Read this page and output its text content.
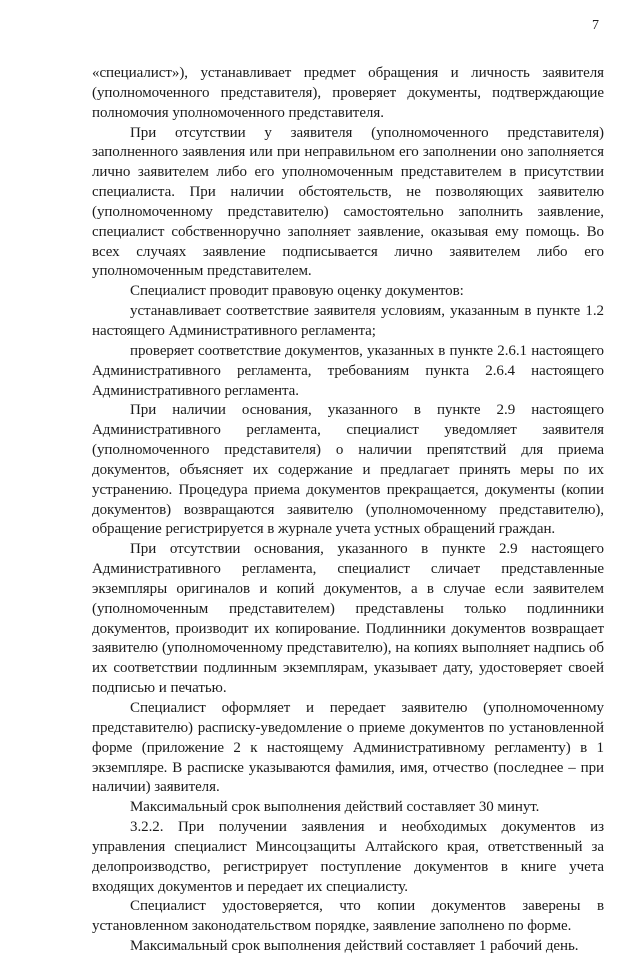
7

«специалист»), устанавливает предмет обращения и личность заявителя (уполномоченного представителя), проверяет документы, подтверждающие полномочия уполномоченного представителя.

При отсутствии у заявителя (уполномоченного представителя) заполненного заявления или при неправильном его заполнении оно заполняется лично заявителем либо его уполномоченным представителем в присутствии специалиста. При наличии обстоятельств, не позволяющих заявителю (уполномоченному представителю) самостоятельно заполнить заявление, специалист собственноручно заполняет заявление, оказывая ему помощь. Во всех случаях заявление подписывается лично заявителем либо его уполномоченным представителем.

Специалист проводит правовую оценку документов:

устанавливает соответствие заявителя условиям, указанным в пункте 1.2 настоящего Административного регламента;

проверяет соответствие документов, указанных в пункте 2.6.1 настоящего Административного регламента, требованиям пункта 2.6.4 настоящего Административного регламента.

При наличии основания, указанного в пункте 2.9 настоящего Административного регламента, специалист уведомляет заявителя (уполномоченного представителя) о наличии препятствий для приема документов, объясняет их содержание и предлагает принять меры по их устранению. Процедура приема документов прекращается, документы (копии документов) возвращаются заявителю (уполномоченному представителю), обращение регистрируется в журнале учета устных обращений граждан.

При отсутствии основания, указанного в пункте 2.9 настоящего Административного регламента, специалист сличает представленные экземпляры оригиналов и копий документов, а в случае если заявителем (уполномоченным представителем) представлены только подлинники документов, производит их копирование. Подлинники документов возвращает заявителю (уполномоченному представителю), на копиях выполняет надпись об их соответствии подлинным экземплярам, указывает дату, удостоверяет своей подписью и печатью.

Специалист оформляет и передает заявителю (уполномоченному представителю) расписку-уведомление о приеме документов по установленной форме (приложение 2 к настоящему Административному регламенту) в 1 экземпляре. В расписке указываются фамилия, имя, отчество (последнее – при наличии) заявителя.

Максимальный срок выполнения действий составляет 30 минут.

3.2.2. При получении заявления и необходимых документов из управления специалист Минсоцзащиты Алтайского края, ответственный за делопроизводство, регистрирует поступление документов в книге учета входящих документов и передает их специалисту.

Специалист удостоверяется, что копии документов заверены в установленном законодательством порядке, заявление заполнено по форме.

Максимальный срок выполнения действий составляет 1 рабочий день.
